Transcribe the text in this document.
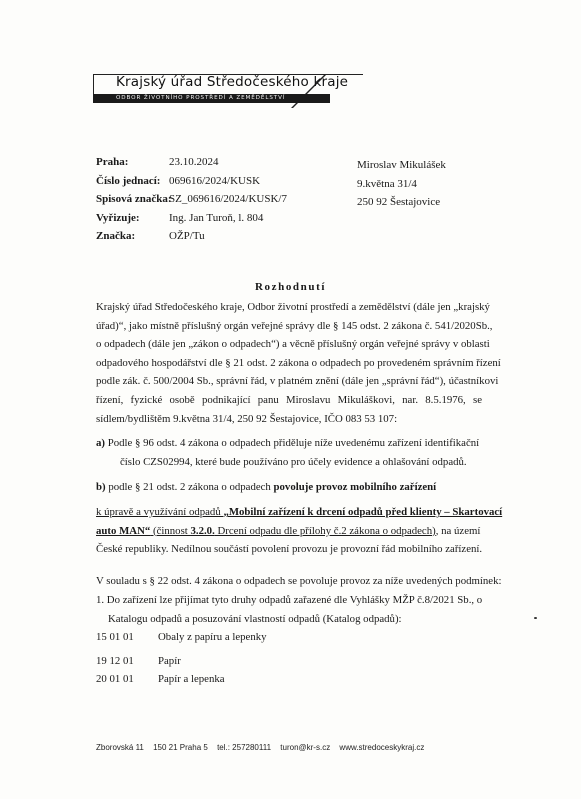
Krajský úřad Středočeského kraje
ODBOR ŽIVOTNÍHO PROSTŘEDÍ A ZEMĚDĚLSTVÍ
Praha:	23.10.2024
Číslo jednací: 069616/2024/KUSK
Spisová značka:
SZ_069616/2024/KUSK/7
Vyřizuje:	Ing. Jan Turoň, l. 804
Značka:	OŽP/Tu
Miroslav Mikulášek
9.května 31/4
250 92 Šestajovice
Rozhodnutí
Krajský úřad Středočeského kraje, Odbor životní prostředí a zemědělství (dále jen „krajský
úřad)“, jako místně příslušný orgán veřejné správy dle § 145 odst. 2 zákona č. 541/2020Sb.,
o odpadech (dále jen „zákon o odpadech“) a věcně příslušný orgán veřejné správy v oblasti
odpadového hospodářství dle § 21 odst. 2 zákona o odpadech po provedeném správním řízení
podle zák. č. 500/2004 Sb., správní řád, v platném znění (dále jen „správní řád“), účastníkovi
řízení, fyzické osobě podnikající panu Miroslavu Mikuláškovi, nar. 8.5.1976, se
sídlem/bydlištěm 9.května 31/4, 250 92 Šestajovice, IČO 083 53 107:
a) Podle § 96 odst. 4 zákona o odpadech přiděluje níže uvedenému zařízení identifikační
číslo CZS02994, které bude používáno pro účely evidence a ohlašování odpadů.
b) podle § 21 odst. 2 zákona o odpadech povoluje provoz mobilního zařízení
k úpravě a využívání odpadů „Mobilní zařízení k drcení odpadů před klienty – Skartovací
auto MAN“ (činnost 3.2.0. Drcení odpadu dle přílohy č.2 zákona o odpadech), na území
České republiky. Nedílnou součástí povolení provozu je provozní řád mobilního zařízení.
V souladu s § 22 odst. 4 zákona o odpadech se povoluje provoz za níže uvedených podmínek:
1. Do zařízení lze přijímat tyto druhy odpadů zařazené dle Vyhlášky MŽP č.8/2021 Sb., o
Katalogu odpadů a posuzování vlastností odpadů (Katalog odpadů):
15 01 01 Obaly z papíru a lepenky
19 12 01 Papír
20 01 01 Papír a lepenka
Zborovská 11 150 21 Praha 5 tel.: 257280111 turon@kr-s.cz www.stredoceskykraj.cz
